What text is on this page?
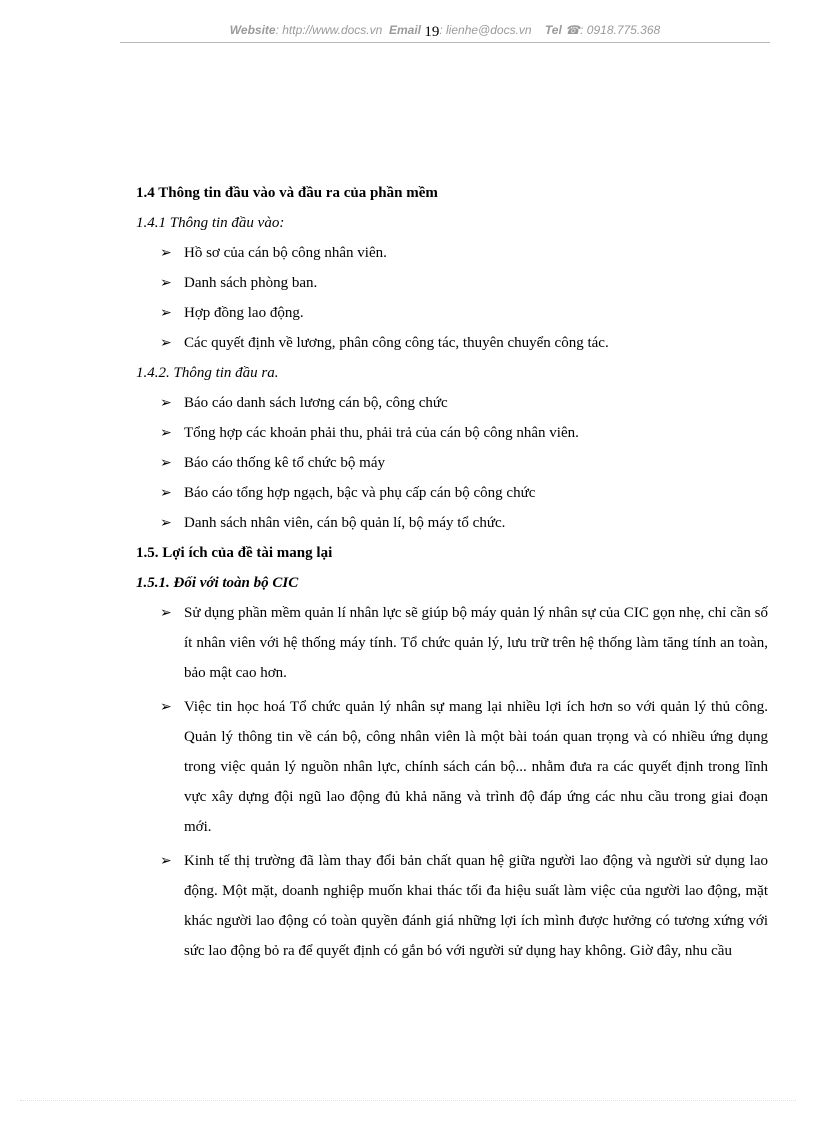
Website: http://www.docs.vn Email 19: lienhe@docs.vn Tel ☎: 0918.775.368
1.4 Thông tin đầu vào và đầu ra của phần mềm
1.4.1 Thông tin đầu vào:
➢ Hồ sơ của cán bộ công nhân viên.
➢ Danh sách phòng ban.
➢ Hợp đồng lao động.
➢ Các quyết định về lương, phân công công tác, thuyên chuyển công tác.
1.4.2. Thông tin đầu ra.
➢ Báo cáo danh sách lương cán bộ, công chức
➢ Tổng hợp các khoản phải thu, phải trả của cán bộ công nhân viên.
➢ Báo cáo thống kê tổ chức bộ máy
➢ Báo cáo tổng hợp ngạch, bậc và phụ cấp cán bộ công chức
➢ Danh sách nhân viên, cán bộ quản lí, bộ máy tổ chức.
1.5. Lợi ích của đề tài mang lại
1.5.1. Đối với toàn bộ CIC
➢ Sử dụng phần mềm quản lí nhân lực sẽ giúp bộ máy quản lý nhân sự của CIC gọn nhẹ, chỉ cần số ít nhân viên với hệ thống máy tính. Tổ chức quản lý, lưu trữ trên hệ thống làm tăng tính an toàn, bảo mật cao hơn.
➢ Việc tin học hoá Tổ chức quản lý nhân sự mang lại nhiều lợi ích hơn so với quản lý thủ công. Quản lý thông tin về cán bộ, công nhân viên là một bài toán quan trọng và có nhiều ứng dụng trong việc quản lý nguồn nhân lực, chính sách cán bộ... nhằm đưa ra các quyết định trong lĩnh vực xây dựng đội ngũ lao động đủ khả năng và trình độ đáp ứng các nhu cầu trong giai đoạn mới.
➢ Kinh tế thị trường đã làm thay đổi bản chất quan hệ giữa người lao động và người sử dụng lao động. Một mặt, doanh nghiệp muốn khai thác tối đa hiệu suất làm việc của người lao động, mặt khác người lao động có toàn quyền đánh giá những lợi ích mình được hưởng có tương xứng với sức lao động bỏ ra để quyết định có gắn bó với người sử dụng hay không. Giờ đây, nhu cầu
